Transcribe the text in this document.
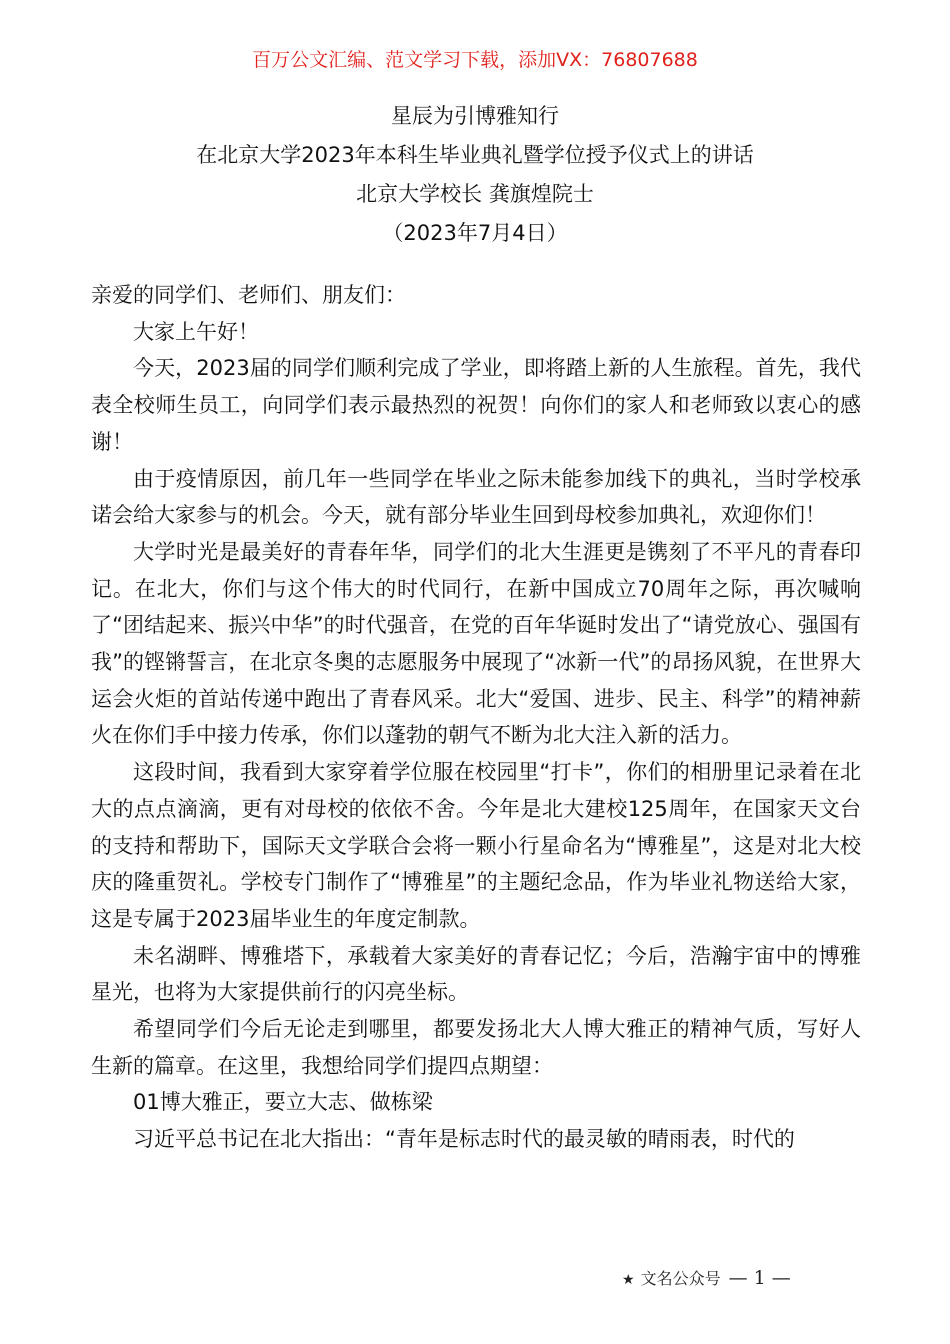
百万公文汇编、范文学习下载，添加VX：76807688
星辰为引博雅知行
在北京大学2023年本科生毕业典礼暨学位授予仪式上的讲话
北京大学校长 龚旗煌院士
（2023年7月4日）

亲爱的同学们、老师们、朋友们：

大家上午好！

今天，2023届的同学们顺利完成了学业，即将踏上新的人生旅程。首先，我代表全校师生员工，向同学们表示最热烈的祝贺！向你们的家人和老师致以衷心的感谢！

由于疫情原因，前几年一些同学在毕业之际未能参加线下的典礼，当时学校承诺会给大家参与的机会。今天，就有部分毕业生回到母校参加典礼，欢迎你们！

大学时光是最美好的青春年华，同学们的北大生涯更是镌刻了不平凡的青春印记。在北大，你们与这个伟大的时代同行，在新中国成立70周年之际，再次喊响了“团结起来、振兴中华”的时代强音，在党的百年华诞时发出了“请党放心、强国有我”的铿锵誓言，在北京冬奥的志愿服务中展现了“冰新一代”的昂扬风貌，在世界大运会火炬的首站传递中跑出了青春风采。北大“爱国、进步、民主、科学”的精神薪火在你们手中接力传承，你们以蓬勃的朝气不断为北大注入新的活力。

这段时间，我看到大家穿着学位服在校园里“打卡”，你们的相册里记录着在北大的点点滴滴，更有对母校的依依不舍。今年是北大建校125周年，在国家天文台的支持和帮助下，国际天文学联合会将一颗小行星命名为“博雅星”，这是对北大校庆的隆重贺礼。学校专门制作了“博雅星”的主题纪念品，作为毕业礼物送给大家，这是专属于2023届毕业生的年度定制款。

未名湖畔、博雅塔下，承载着大家美好的青春记忆；今后，浩瀚宇宙中的博雅星光，也将为大家提供前行的闪亮坐标。

希望同学们今后无论走到哪里，都要发扬北大人博大雅正的精神气质，写好人生新的篇章。在这里，我想给同学们提四点期望：

01博大雅正，要立大志、做栋梁

习近平总书记在北大指出：“青年是标志时代的最灵敏的晴雨表，时代的

★ 文名公众号 — 1 —
